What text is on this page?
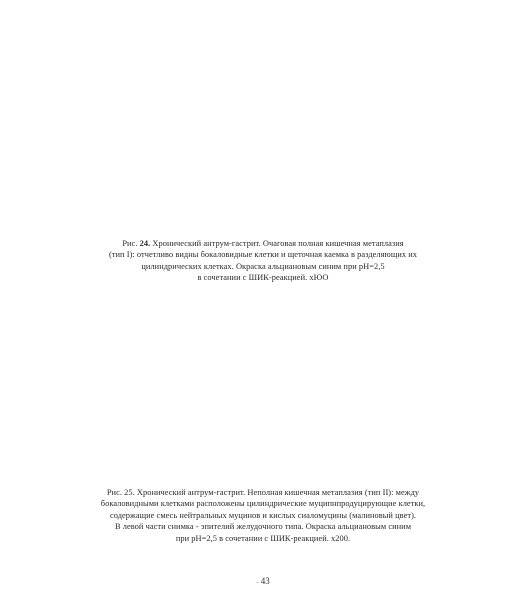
Рис. 24. Хронический антрум-гастрит. Очаговая полная кишечная метаплазия
(тип I): отчетливо видны бокаловидные клетки и щеточная каемка в разделяющих их
цилиндрических клетках. Окраска альциановым синим при рН=2,5
в сочетании с ШИК-реакцией. хЮО
Рис. 25. Хронический антрум-гастрит. Неполная кишечная метаплазия (тип II): между
бокаловидными клетками расположены цилиндрические муципнпродуцирующие клетки,
содержащие смесь нейтральных муцинов и кислых сиаломуцины (малиновый цвет).
В левой части снимка - эпителий желудочного типа. Окраска альциановым синим
при рН=2,5 в сочетании с ШИК-реакцией. х200.
- 43
